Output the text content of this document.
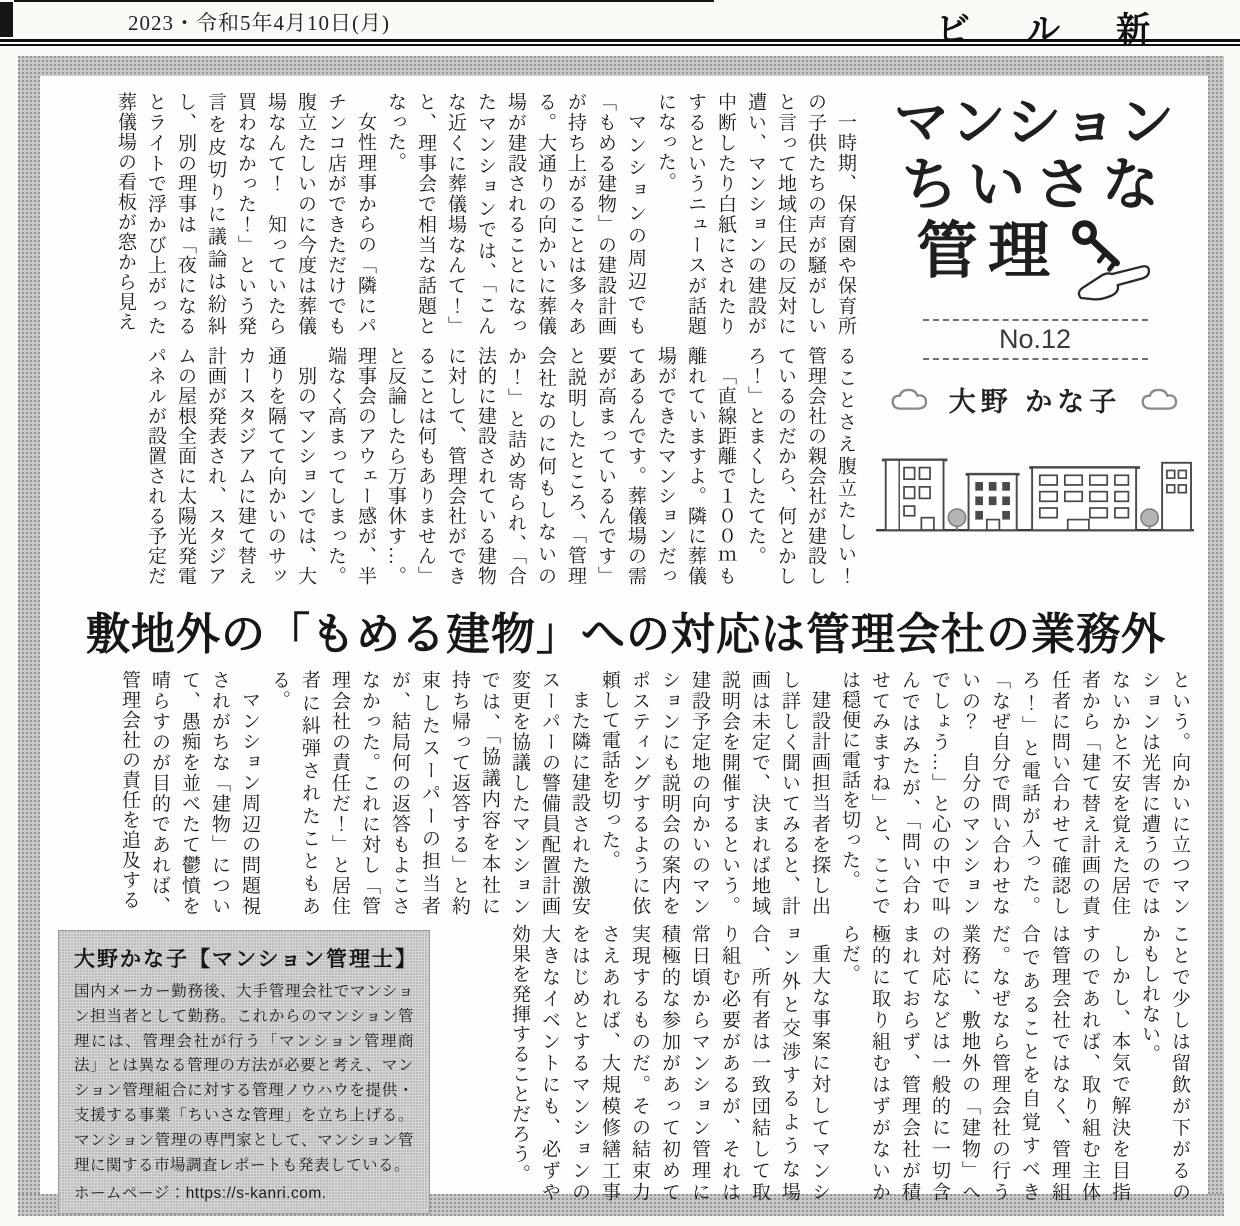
2023・令和5年4月10日(月)	ビル新

一時期、保育園や保育所の子供たちの声が騒がしいと言って地域住民の反対に遭い、マンションの建設が中断したり白紙にされたりするというニュースが話題になった。

マンションの周辺でも「もめる建物」の建設計画が持ち上がることは多々ある。大通りの向かいに葬儀場が建設されることになったマンションでは、「こんな近くに葬儀場なんて！」と、理事会で相当な話題となった。

女性理事からの「隣にパチンコ店ができただけでも腹立たしいのに今度は葬儀場なんて！　知っていたら買わなかった！」という発言を皮切りに議論は紛糾し、別の理事は「夜になるとライトで浮かび上がった葬儀場の看板が窓から見え

ることさえ腹立たしい！　管理会社の親会社が建設しているのだから、何とかしろ！」とまくしたてた。

「直線距離で１００ｍも離れていますよ。隣に葬儀場ができたマンションだってあるんです。葬儀場の需要が高まっているんです」と説明したところ、「管理会社なのに何もしないのか！」と詰め寄られ、「合法的に建設されている建物に対して、管理会社ができることは何もありません」と反論したら万事休す…。理事会のアウェー感が、半端なく高まってしまった。

別のマンションでは、大通りを隔てて向かいのサッカースタジアムに建て替え計画が発表され、スタジアムの屋根全面に太陽光発電パネルが設置される予定だ

マンション
ちいさな
管理
No.12
大野 かな子
敷地外の「もめる建物」への対応は管理会社の業務外

という。向かいに立つマンションは光害に遭うのではないかと不安を覚えた居住者から「建て替え計画の責任者に問い合わせて確認しろ！」と電話が入った。「なぜ自分で問い合わせないの？　自分のマンションでしょう…」と心の中で叫んではみたが、「問い合わせてみますね」と、ここでは穏便に電話を切った。

建設計画担当者を探し出し詳しく聞いてみると、計画は未定で、決まれば地域説明会を開催するという。建設予定地の向かいのマンションにも説明会の案内をポスティングするように依頼して電話を切った。

また隣に建設された激安スーパーの警備員配置計画変更を協議したマンションでは、「協議内容を本社に持ち帰って返答する」と約束したスーパーの担当者が、結局何の返答もよこさなかった。これに対し「管理会社の責任だ！」と居住者に糾弾されたこともある。

マンション周辺の問題視されがちな「建物」について、愚痴を並べたて鬱憤を晴らすのが目的であれば、管理会社の責任を追及する

大野かな子【マンション管理士】
国内メーカー勤務後、大手管理会社でマンション担当者として勤務。これからのマンション管理には、管理会社が行う「マンション管理商法」とは異なる管理の方法が必要と考え、マンション管理組合に対する管理ノウハウを提供・支援する事業「ちいさな管理」を立ち上げる。マンション管理の専門家として、マンション管理に関する市場調査レポートも発表している。
ホームページ：https://s-kanri.com.	ことで少しは留飲が下がるのかもしれない。

しかし、本気で解決を目指すのであれば、取り組む主体は管理会社ではなく、管理組合であることを自覚すべきだ。なぜなら管理会社の行う業務に、敷地外の「建物」への対応などは一般的に一切含まれておらず、管理会社が積極的に取り組むはずがないからだ。

重大な事案に対してマンション外と交渉するような場合、所有者は一致団結して取り組む必要があるが、それは常日頃からマンション管理に積極的な参加があって初めて実現するものだ。その結束力さえあれば、大規模修繕工事をはじめとするマンションの大きなイベントにも、必ずや効果を発揮することだろう。
